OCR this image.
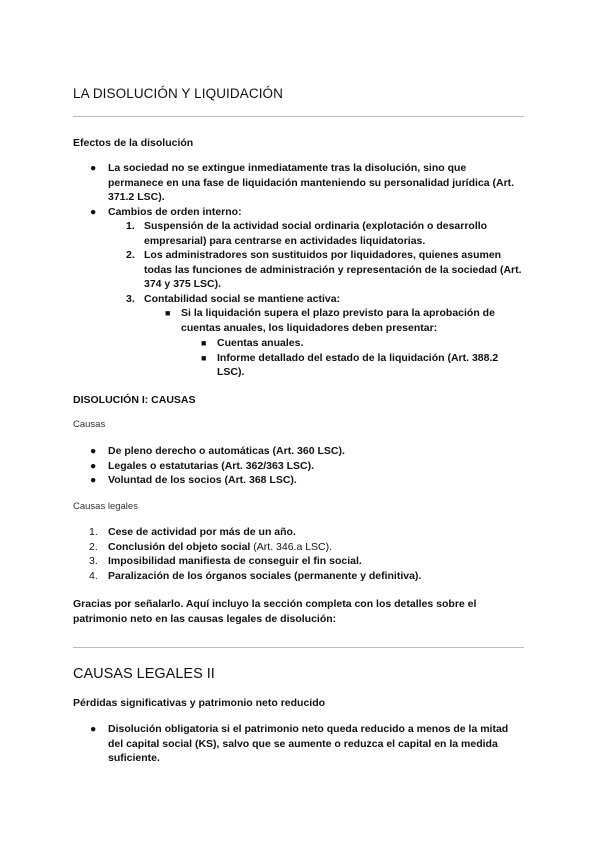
LA DISOLUCIÓN Y LIQUIDACIÓN
Efectos de la disolución
● La sociedad no se extingue inmediatamente tras la disolución, sino que permanece en una fase de liquidación manteniendo su personalidad jurídica (Art. 371.2 LSC).
● Cambios de orden interno:
1. Suspensión de la actividad social ordinaria (explotación o desarrollo empresarial) para centrarse en actividades liquidatorias.
2. Los administradores son sustituidos por liquidadores, quienes asumen todas las funciones de administración y representación de la sociedad (Art. 374 y 375 LSC).
3. Contabilidad social se mantiene activa:
■ Si la liquidación supera el plazo previsto para la aprobación de cuentas anuales, los liquidadores deben presentar:
■ Cuentas anuales.
■ Informe detallado del estado de la liquidación (Art. 388.2 LSC).
DISOLUCIÓN I: CAUSAS
Causas
● De pleno derecho o automáticas (Art. 360 LSC).
● Legales o estatutarias (Art. 362/363 LSC).
● Voluntad de los socios (Art. 368 LSC).
Causas legales
1. Cese de actividad por más de un año.
2. Conclusión del objeto social (Art. 346.a LSC).
3. Imposibilidad manifiesta de conseguir el fin social.
4. Paralización de los órganos sociales (permanente y definitiva).
Gracias por señalarlo. Aquí incluyo la sección completa con los detalles sobre el patrimonio neto en las causas legales de disolución:
CAUSAS LEGALES II
Pérdidas significativas y patrimonio neto reducido
● Disolución obligatoria si el patrimonio neto queda reducido a menos de la mitad del capital social (KS), salvo que se aumente o reduzca el capital en la medida suficiente.
